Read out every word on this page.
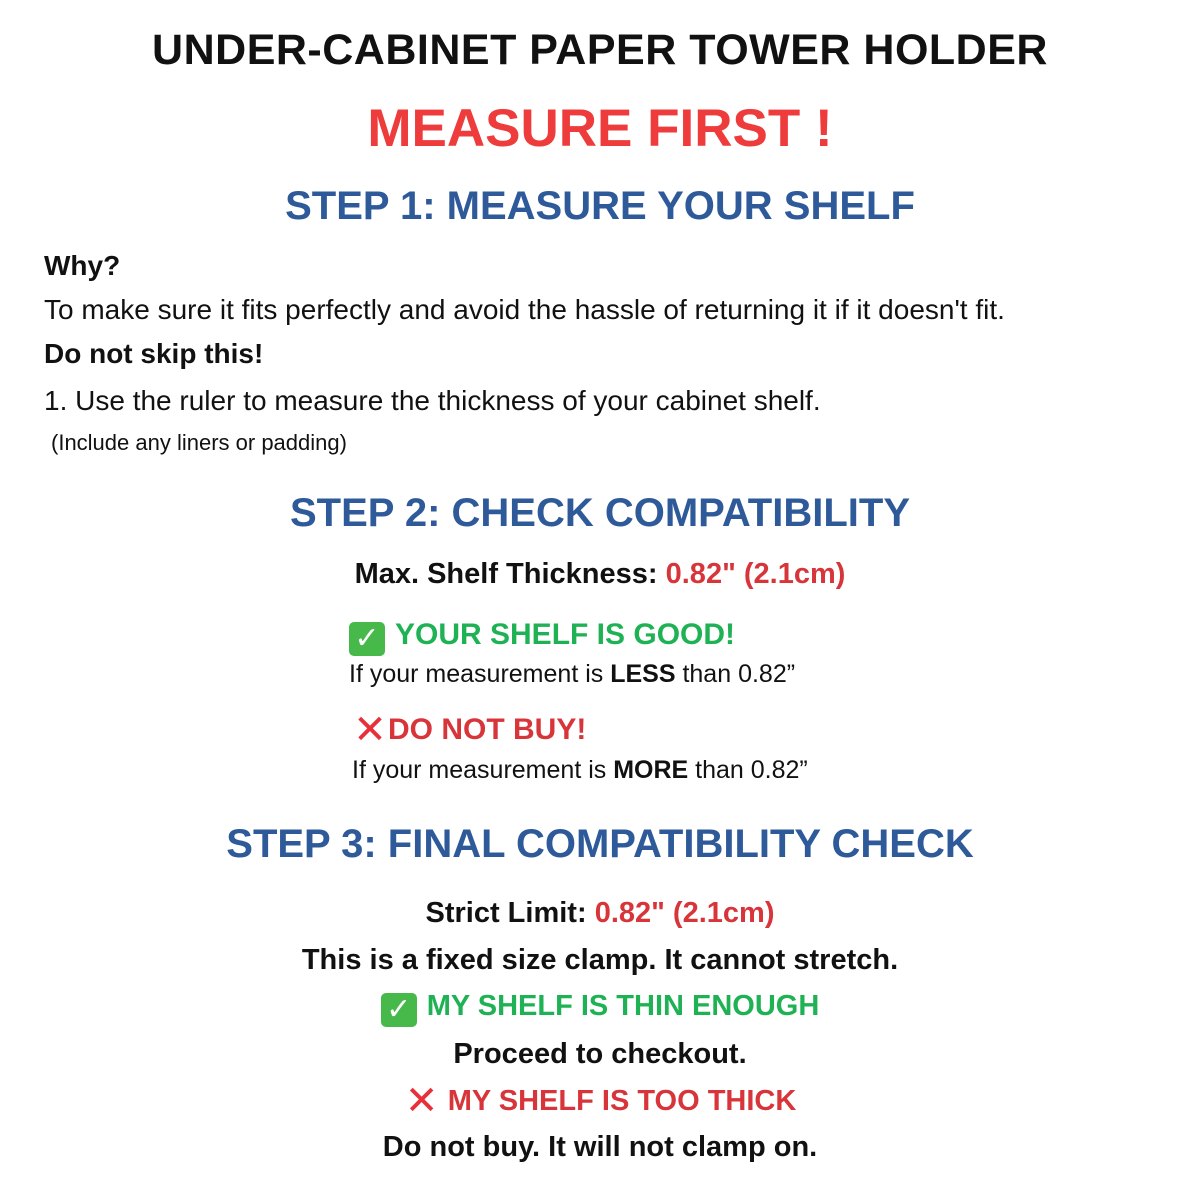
UNDER-CABINET PAPER TOWER HOLDER
MEASURE FIRST !
STEP 1: MEASURE YOUR SHELF
Why?
To make sure it fits perfectly and avoid the hassle of returning it if it doesn't fit.
Do not skip this!
1. Use the ruler to measure the thickness of your cabinet shelf.
(Include any liners or padding)
STEP 2: CHECK COMPATIBILITY
Max. Shelf Thickness: 0.82" (2.1cm)
✓ YOUR SHELF IS GOOD!
If your measurement is LESS than 0.82”
✕DO NOT BUY!
If your measurement is MORE than 0.82”
STEP 3: FINAL COMPATIBILITY CHECK
Strict Limit: 0.82" (2.1cm)
This is a fixed size clamp. It cannot stretch.
✓ MY SHELF IS THIN ENOUGH
Proceed to checkout.
✕ MY SHELF IS TOO THICK
Do not buy. It will not clamp on.
